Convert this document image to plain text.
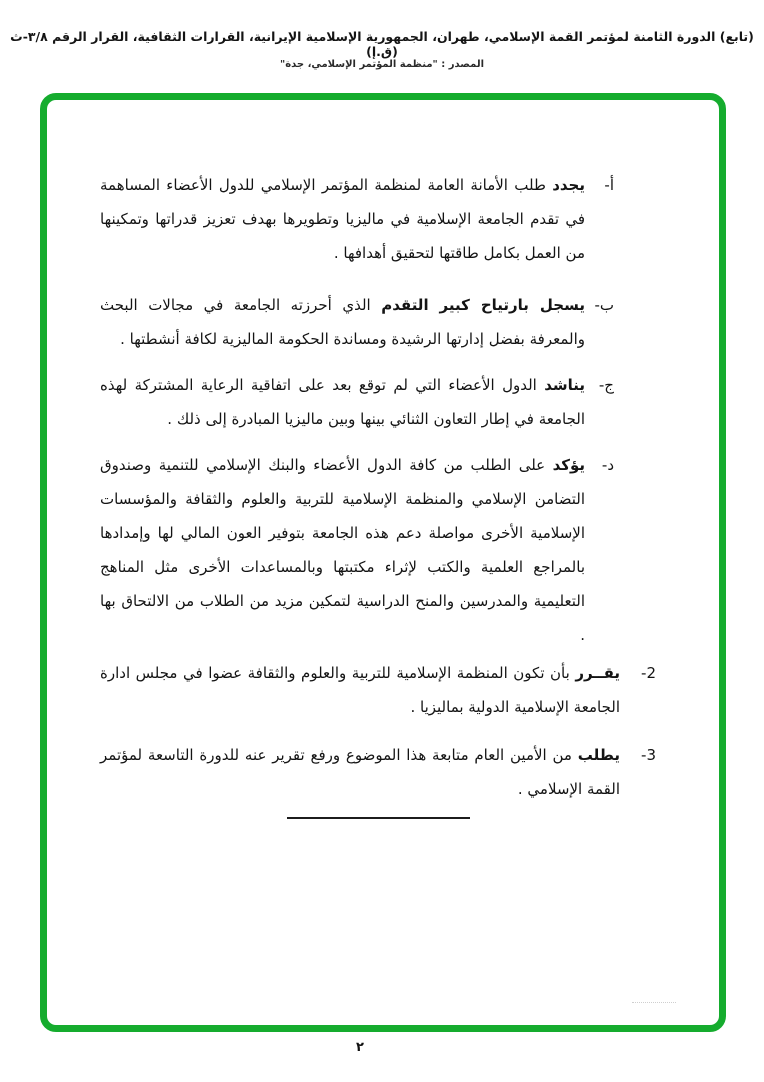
(تابع) الدورة الثامنة لمؤتمر القمة الإسلامي، طهران، الجمهورية الإسلامية الإيرانية، القرارات الثقافية، القرار الرقم ٣/٨-ث (ق.إ)
المصدر : "منظمة المؤتمر الإسلامي، جدة"
أ-
يجدد طلب الأمانة العامة لمنظمة المؤتمر الإسلامي للدول الأعضاء المساهمة في تقدم الجامعة الإسلامية في ماليزيا وتطويرها بهدف تعزيز قدراتها وتمكينها من العمل بكامل طاقتها لتحقيق أهدافها .
ب-
يسجل بارتياح كبير التقدم الذي أحرزته الجامعة في مجالات البحث والمعرفة بفضل إدارتها الرشيدة ومساندة الحكومة الماليزية لكافة أنشطتها .
ج-
يناشد الدول الأعضاء التي لم توقع بعد على اتفاقية الرعاية المشتركة لهذه الجامعة في إطار التعاون الثنائي بينها وبين ماليزيا المبادرة إلى ذلك .
د-
يؤكد على الطلب من كافة الدول الأعضاء والبنك الإسلامي للتنمية وصندوق التضامن الإسلامي والمنظمة الإسلامية للتربية والعلوم والثقافة والمؤسسات الإسلامية الأخرى مواصلة دعم هذه الجامعة بتوفير العون المالي لها وإمدادها بالمراجع العلمية والكتب لإثراء مكتبتها وبالمساعدات الأخرى مثل المناهج التعليمية والمدرسين والمنح الدراسية لتمكين مزيد من الطلاب من الالتحاق بها .
2-
يقــرر بأن تكون المنظمة الإسلامية للتربية والعلوم والثقافة عضوا في مجلس ادارة الجامعة الإسلامية الدولية بماليزيا .
3-
يطلب من الأمين العام متابعة هذا الموضوع ورفع تقرير عنه للدورة التاسعة لمؤتمر القمة الإسلامي .
٢
